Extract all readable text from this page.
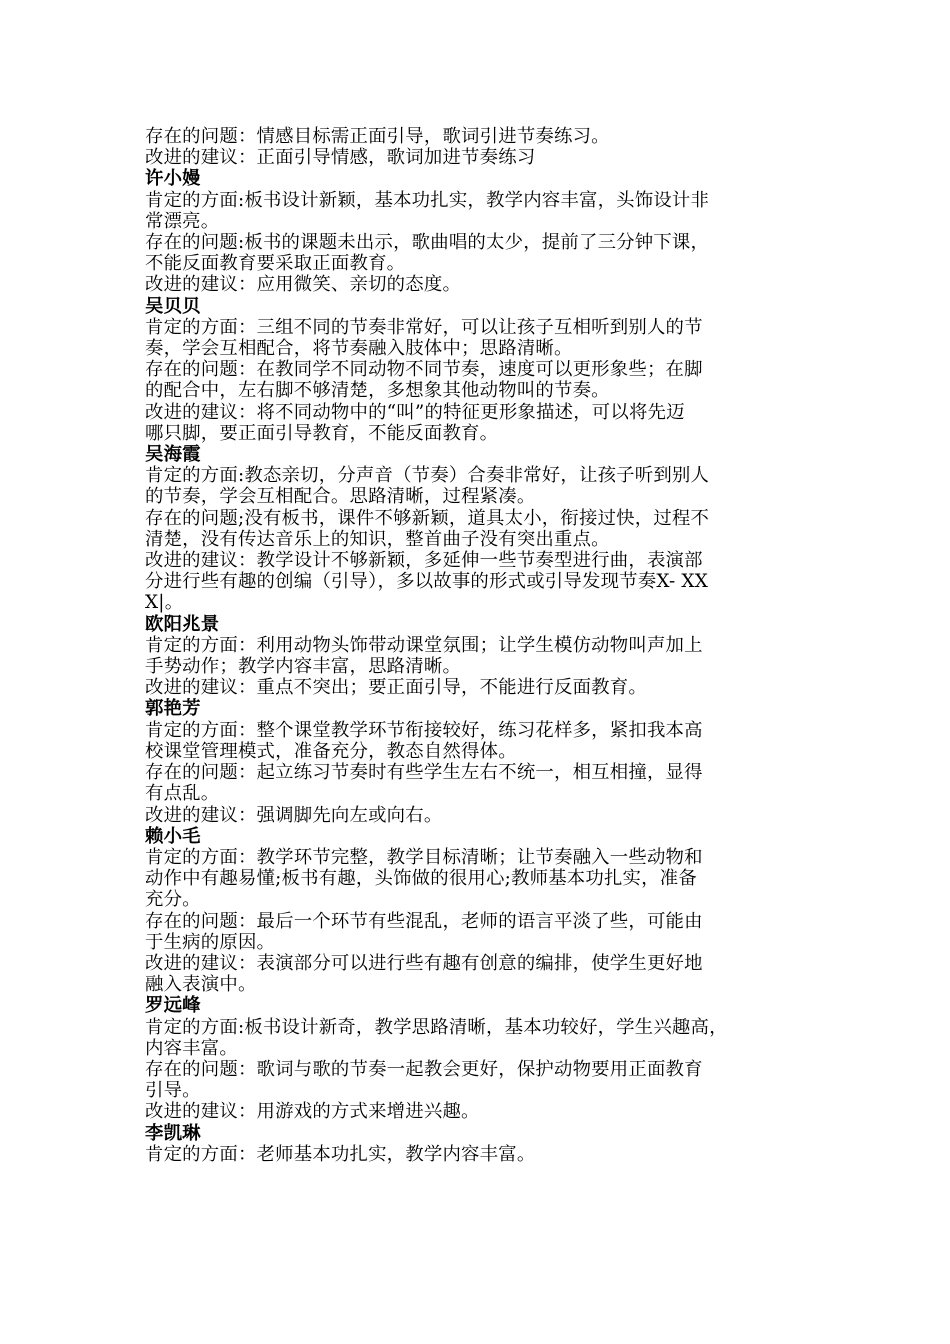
存在的问题：情感目标需正面引导，歌词引进节奏练习。
改进的建议：正面引导情感，歌词加进节奏练习
许小嫚
肯定的方面:板书设计新颖，基本功扎实，教学内容丰富，头饰设计非
常漂亮。
存在的问题:板书的课题未出示，歌曲唱的太少，提前了三分钟下课，
不能反面教育要采取正面教育。
改进的建议：应用微笑、亲切的态度。
吴贝贝
肯定的方面：三组不同的节奏非常好，可以让孩子互相听到别人的节
奏，学会互相配合，将节奏融入肢体中；思路清晰。
存在的问题：在教同学不同动物不同节奏，速度可以更形象些；在脚
的配合中，左右脚不够清楚，多想象其他动物叫的节奏。
改进的建议：将不同动物中的“叫”的特征更形象描述，可以将先迈
哪只脚，要正面引导教育，不能反面教育。
吴海霞
肯定的方面:教态亲切，分声音（节奏）合奏非常好，让孩子听到别人
的节奏，学会互相配合。思路清晰，过程紧凑。
存在的问题;没有板书，课件不够新颖，道具太小，衔接过快，过程不
清楚，没有传达音乐上的知识，整首曲子没有突出重点。
改进的建议：教学设计不够新颖，多延伸一些节奏型进行曲，表演部
分进行些有趣的创编（引导），多以故事的形式或引导发现节奏X- XX
X|。
欧阳兆景
肯定的方面：利用动物头饰带动课堂氛围；让学生模仿动物叫声加上
手势动作；教学内容丰富，思路清晰。
改进的建议：重点不突出；要正面引导，不能进行反面教育。
郭艳芳
肯定的方面：整个课堂教学环节衔接较好，练习花样多，紧扣我本高
校课堂管理模式，准备充分，教态自然得体。
存在的问题：起立练习节奏时有些学生左右不统一，相互相撞，显得
有点乱。
改进的建议：强调脚先向左或向右。
赖小毛
肯定的方面：教学环节完整，教学目标清晰；让节奏融入一些动物和
动作中有趣易懂;板书有趣，头饰做的很用心;教师基本功扎实，准备
充分。
存在的问题：最后一个环节有些混乱，老师的语言平淡了些，可能由
于生病的原因。
改进的建议：表演部分可以进行些有趣有创意的编排，使学生更好地
融入表演中。
罗远峰
肯定的方面:板书设计新奇，教学思路清晰，基本功较好，学生兴趣高，
内容丰富。
存在的问题：歌词与歌的节奏一起教会更好，保护动物要用正面教育
引导。
改进的建议：用游戏的方式来增进兴趣。
李凯琳
肯定的方面：老师基本功扎实，教学内容丰富。
